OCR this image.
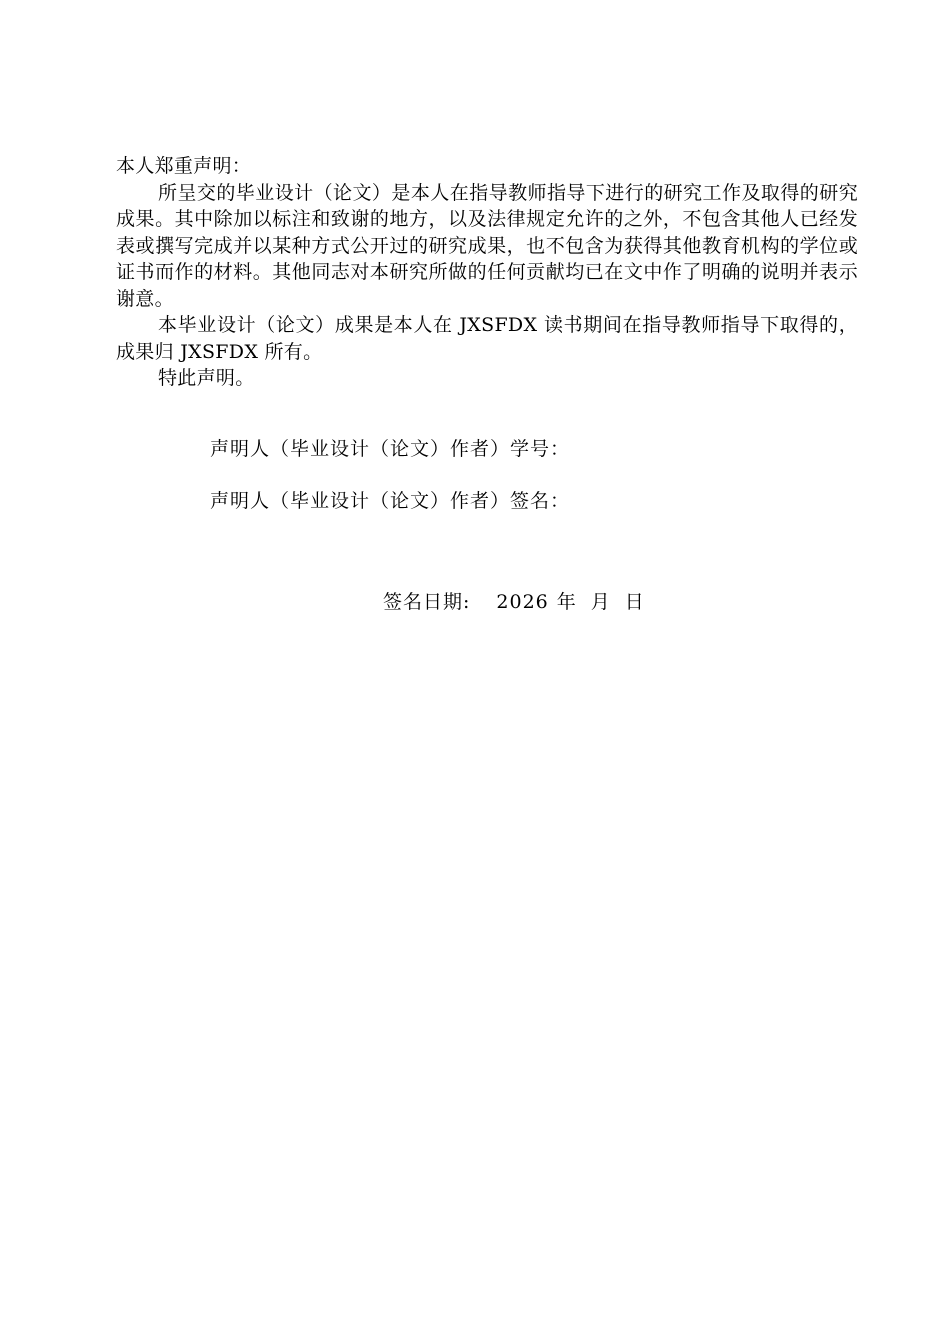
本人郑重声明：

所呈交的毕业设计（论文）是本人在指导教师指导下进行的研究工作及取得的研究成果。其中除加以标注和致谢的地方，以及法律规定允许的之外，不包含其他人已经发表或撰写完成并以某种方式公开过的研究成果，也不包含为获得其他教育机构的学位或证书而作的材料。其他同志对本研究所做的任何贡献均已在文中作了明确的说明并表示谢意。

本毕业设计（论文）成果是本人在 JXSFDX 读书期间在指导教师指导下取得的，成果归 JXSFDX 所有。

特此声明。

声明人（毕业设计（论文）作者）学号：
声明人（毕业设计（论文）作者）签名：
签名日期: 2026 年 月 日
